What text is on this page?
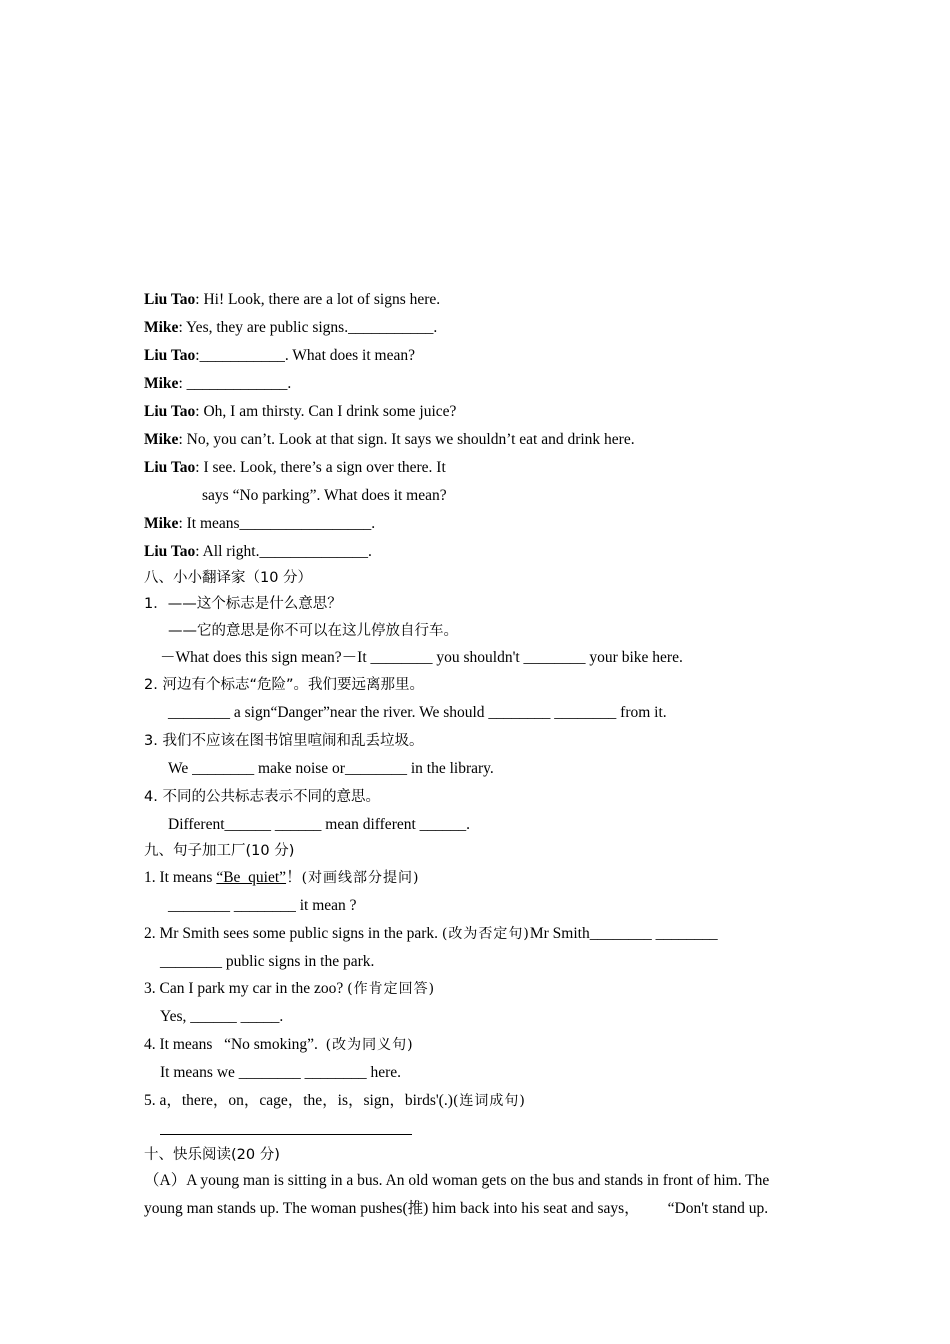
Liu Tao: Hi! Look, there are a lot of signs here.
Mike: Yes, they are public signs.___________.
Liu Tao:___________. What does it mean?
Mike: _____________.
Liu Tao: Oh, I am thirsty. Can I drink some juice?
Mike: No, you can’t. Look at that sign. It says we shouldn’t eat and drink here.
Liu Tao: I see. Look, there’s a sign over there. It
says “No parking”. What does it mean?
Mike: It means_________________.
Liu Tao: All right.______________.
八、小小翻译家（10 分）
1．——这个标志是什么意思？
——它的意思是你不可以在这儿停放自行车。
－What does this sign mean?－It ________ you shouldn't ________ your bike here.
2. 河边有个标志“危险”。我们要远离那里。
________ a sign“Danger”near the river. We should ________ ________ from it.
3. 我们不应该在图书馆里喧闹和乱丢垃圾。
We ________ make noise or________ in the library.
4. 不同的公共标志表示不同的意思。
Different______ ______ mean different ______.
九、句子加工厂(10 分)
1. It means “Be  quiet”！(对画线部分提问)
________ ________ it mean ?
2. Mr Smith sees some public signs in the park. (改为否定句)Mr Smith________ ________
________ public signs in the park.
3. Can I park my car in the zoo? (作肯定回答)
Yes, ______ _____.
4. It means   “No smoking”.  (改为同义句)
It means we ________ ________ here.
5. a，there，on，cage，the，is，sign，birds'(.)(连词成句)
十、快乐阅读(20 分)
（A）A young man is sitting in a bus. An old woman gets on the bus and stands in front of him. The
young man stands up. The woman pushes(推) him back into his seat and says， “Don't stand up.
